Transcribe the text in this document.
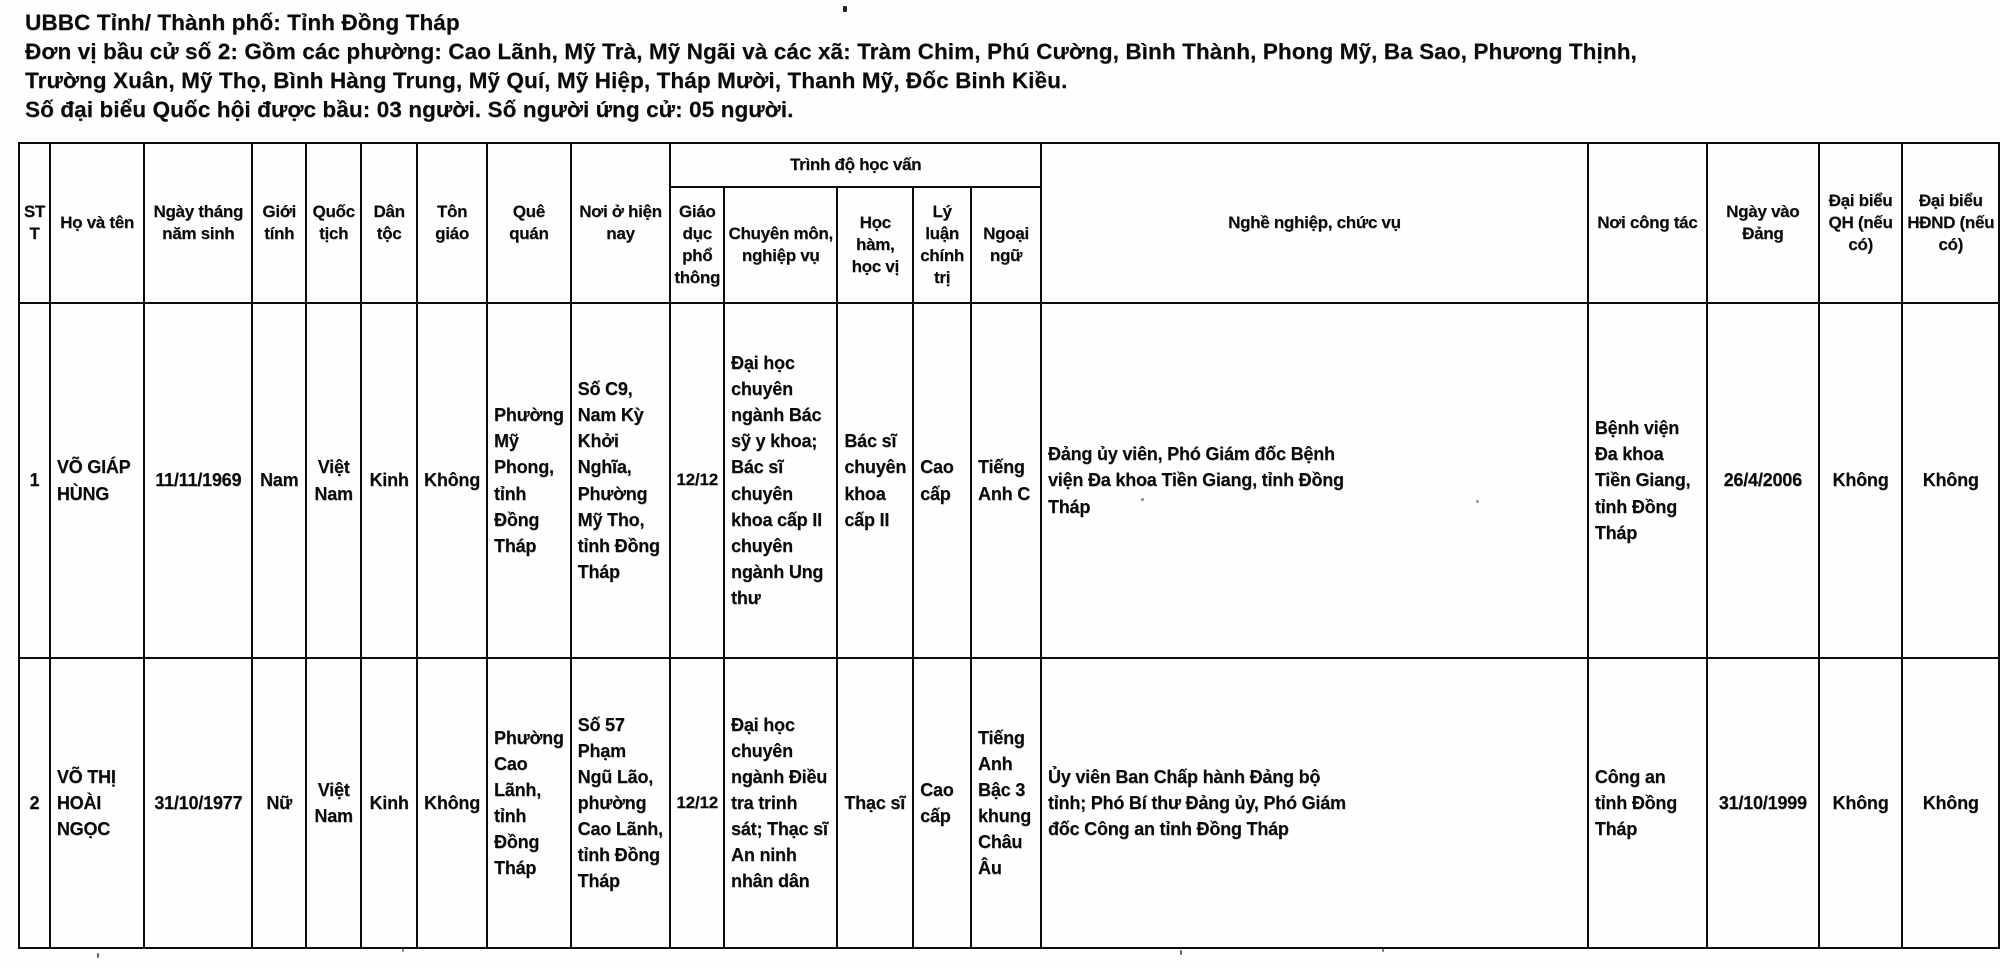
UBBC Tỉnh/ Thành phố: Tỉnh Đồng Tháp
Đơn vị bầu cử số 2: Gồm các phường: Cao Lãnh, Mỹ Trà, Mỹ Ngãi và các xã: Tràm Chim, Phú Cường, Bình Thành, Phong Mỹ, Ba Sao, Phương Thịnh,
Trường Xuân, Mỹ Thọ, Bình Hàng Trung, Mỹ Quí, Mỹ Hiệp, Tháp Mười, Thanh Mỹ, Đốc Binh Kiều.
Số đại biểu Quốc hội được bầu: 03 người. Số người ứng cử: 05 người.
STT	Họ và tên	Ngày tháng năm sinh	Giới tính	Quốc tịch	Dân tộc	Tôn giáo	Quê quán	Nơi ở hiện nay	Trình độ học vấn					Nghề nghiệp, chức vụ	Nơi công tác	Ngày vào Đảng	Đại biểu QH (nếu có)	Đại biểu HĐND (nếu có)
									Giáo dục phổ thông	Chuyên môn, nghiệp vụ	Học hàm, học vị	Lý luận chính trị	Ngoại ngữ					
1	VÕ GIÁP HÙNG	11/11/1969	Nam	Việt Nam	Kinh	Không	Phường Mỹ Phong, tỉnh Đồng Tháp	Số C9, Nam Kỳ Khởi Nghĩa, Phường Mỹ Tho, tỉnh Đồng Tháp	12/12	Đại học chuyên ngành Bác sỹ y khoa; Bác sĩ chuyên khoa cấp II chuyên ngành Ung thư	Bác sĩ chuyên khoa cấp II	Cao cấp	Tiếng Anh C	Đảng ủy viên, Phó Giám đốc Bệnh viện Đa khoa Tiền Giang, tỉnh Đồng Tháp	Bệnh viện Đa khoa Tiền Giang, tỉnh Đồng Tháp	26/4/2006	Không	Không
2	VÕ THỊ HOÀI NGỌC	31/10/1977	Nữ	Việt Nam	Kinh	Không	Phường Cao Lãnh, tỉnh Đồng Tháp	Số 57 Phạm Ngũ Lão, phường Cao Lãnh, tỉnh Đồng Tháp	12/12	Đại học chuyên ngành Điều tra trinh sát; Thạc sĩ An ninh nhân dân	Thạc sĩ	Cao cấp	Tiếng Anh Bậc 3 khung Châu Âu	Ủy viên Ban Chấp hành Đảng bộ tỉnh; Phó Bí thư Đảng ủy, Phó Giám đốc Công an tỉnh Đồng Tháp	Công an tỉnh Đồng Tháp	31/10/1999	Không	Không
